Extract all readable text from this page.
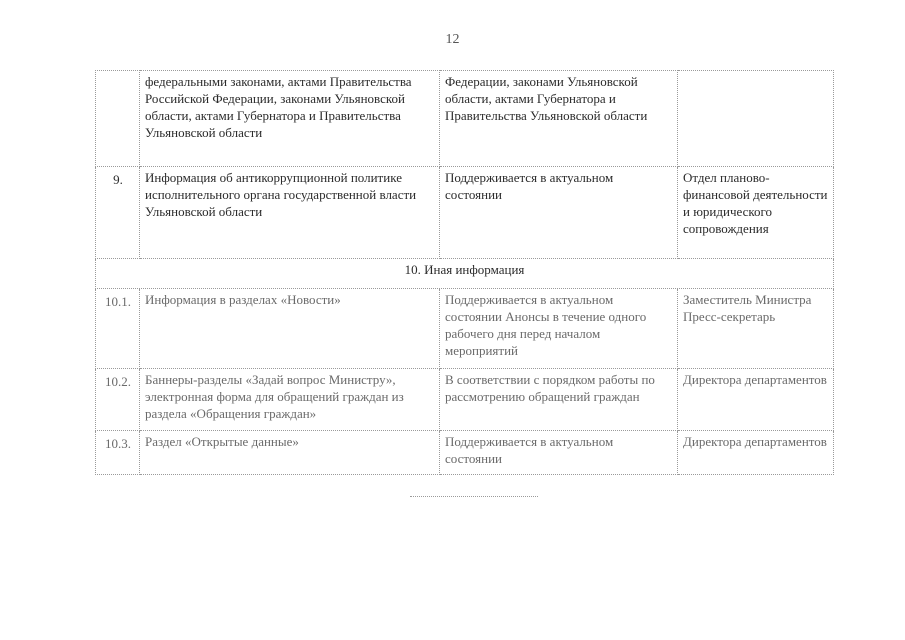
12
	федеральными законами, актами Правительства Российской Федерации, законами Ульяновской области, актами Губернатора и Правительства Ульяновской области	Федерации, законами Ульяновской области, актами Губернатора и Правительства Ульяновской области	
9.	Информация об антикоррупционной политике исполнительного органа государственной власти Ульяновской области	Поддерживается в актуальном состоянии	Отдел планово-финансовой деятельности и юридического сопровождения
10. Иная информация			
10.1.	Информация в разделах «Новости»	Поддерживается в актуальном состоянии Анонсы в течение одного рабочего дня перед началом мероприятий	Заместитель Министра Пресс-секретарь
10.2.	Баннеры-разделы «Задай вопрос Министру», электронная форма для обращений граждан из раздела «Обращения граждан»	В соответствии с порядком работы по рассмотрению обращений граждан	Директора департаментов
10.3.	Раздел «Открытые данные»	Поддерживается в актуальном состоянии	Директора департаментов
